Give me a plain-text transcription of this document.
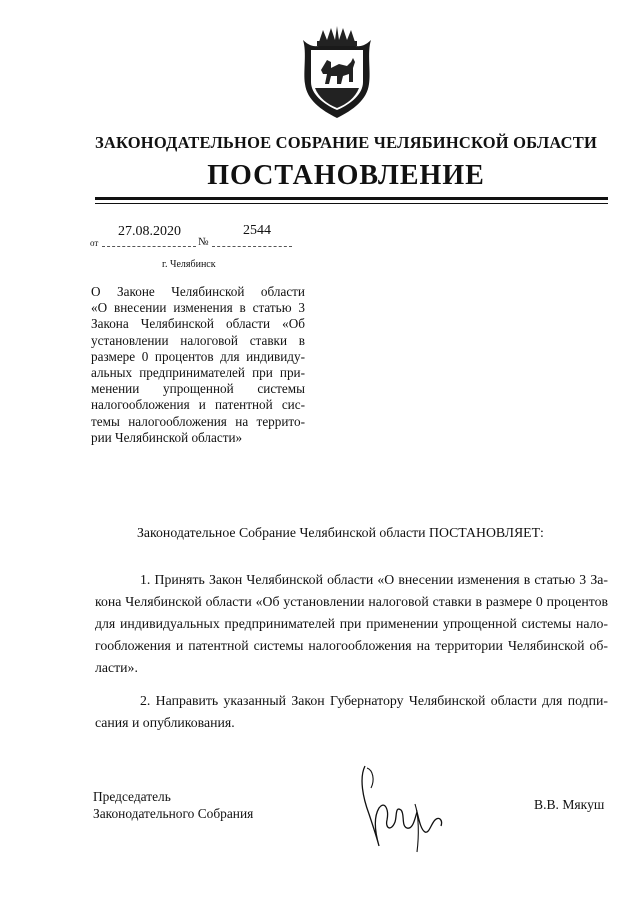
ЗАКОНОДАТЕЛЬНОЕ СОБРАНИЕ ЧЕЛЯБИНСКОЙ ОБЛАСТИ
ПОСТАНОВЛЕНИЕ
27.08.2020	2544
от	№
г. Челябинск
О Законе Челябинской области
«О внесении изменения в статью 3
Закона Челябинской области «Об
установлении налоговой ставки в
размере 0 процентов для индивиду-
альных предпринимателей при при-
менении упрощенной системы
налогообложения и патентной сис-
темы налогообложения на террито-
рии Челябинской области»
Законодательное Собрание Челябинской области ПОСТАНОВЛЯЕТ:
1. Принять Закон Челябинской области «О внесении изменения в статью 3 За-
кона Челябинской области «Об установлении налоговой ставки в размере 0 процентов
для индивидуальных предпринимателей при применении упрощенной системы нало-
гообложения и патентной системы налогообложения на территории Челябинской об-
ласти».
2. Направить указанный Закон Губернатору Челябинской области для подпи-
сания и опубликования.
Председатель
Законодательного Собрания
В.В. Мякуш
